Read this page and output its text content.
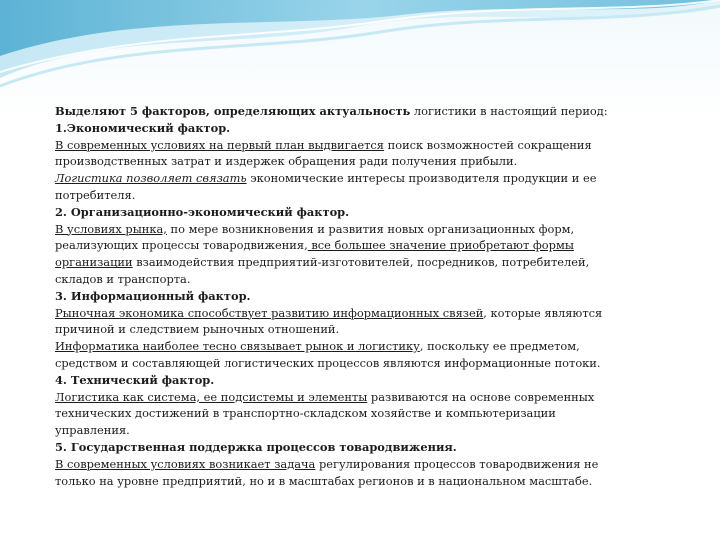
Выделяют 5 факторов, определяющих актуальность логистики в настоящий период:
1.Экономический фактор.
В современных условиях на первый план выдвигается поиск возможностей сокращения
производственных затрат и издержек обращения ради получения прибыли.
Логистика позволяет связать экономические интересы производителя продукции и ее
потребителя.
2. Организационно-экономический фактор.
В условиях рынка, по мере возникновения и развития новых организационных форм,
реализующих процессы товародвижения, все большее значение приобретают формы
организации взаимодействия предприятий-изготовителей, посредников, потребителей,
складов и транспорта.
3. Информационный фактор.
Рыночная экономика способствует развитию информационных связей, которые являются
причиной и следствием рыночных отношений.
Информатика наиболее тесно связывает рынок и логистику, поскольку ее предметом,
средством и составляющей логистических процессов являются информационные потоки.
4. Технический фактор.
Логистика как система, ее подсистемы и элементы развиваются на основе современных
технических достижений в транспортно-складском хозяйстве и компьютеризации
управления.
5. Государственная поддержка процессов товародвижения.
В современных условиях возникает задача регулирования процессов товародвижения не
только на уровне предприятий, но и в масштабах регионов и в национальном масштабе.
